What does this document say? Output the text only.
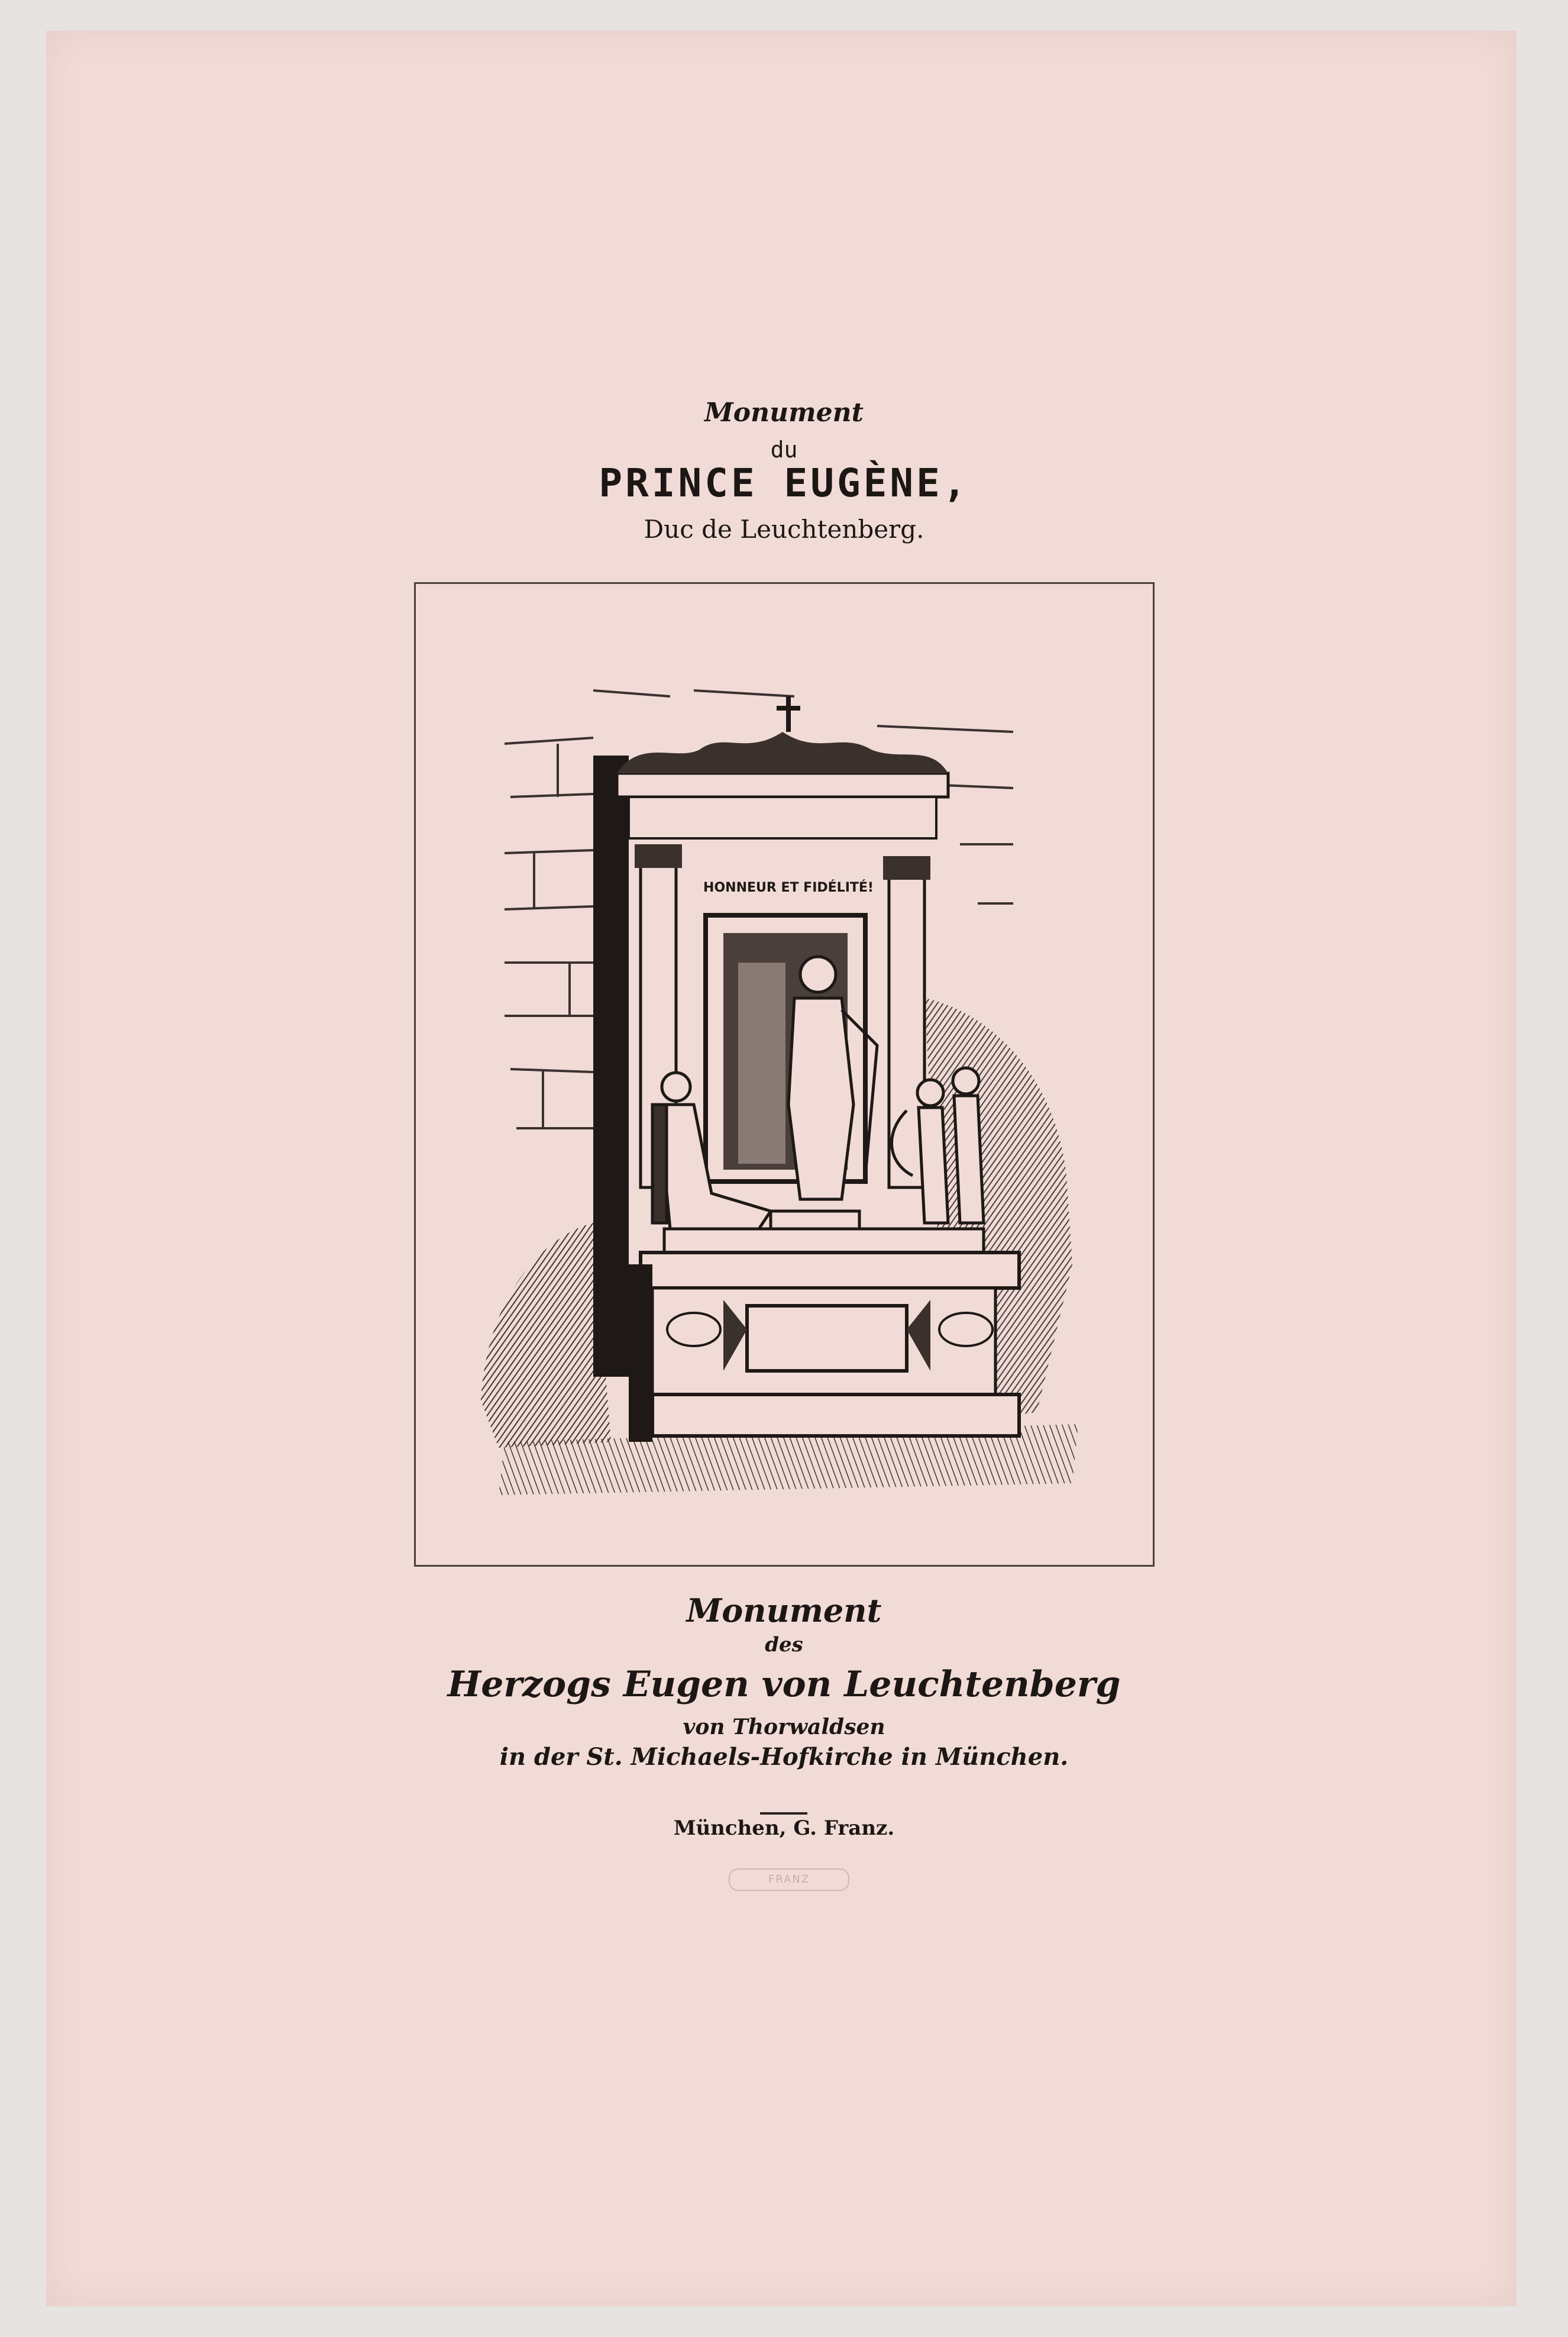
Monument
du
PRINCE EUGÈNE,
Duc de Leuchtenberg.
HONNEUR ET FIDÉLITÉ!
Monument
des
Herzogs Eugen von Leuchtenberg
von Thorwaldsen
in der St. Michaels-Hofkirche in München.
München, G. Franz.
FRANZ
